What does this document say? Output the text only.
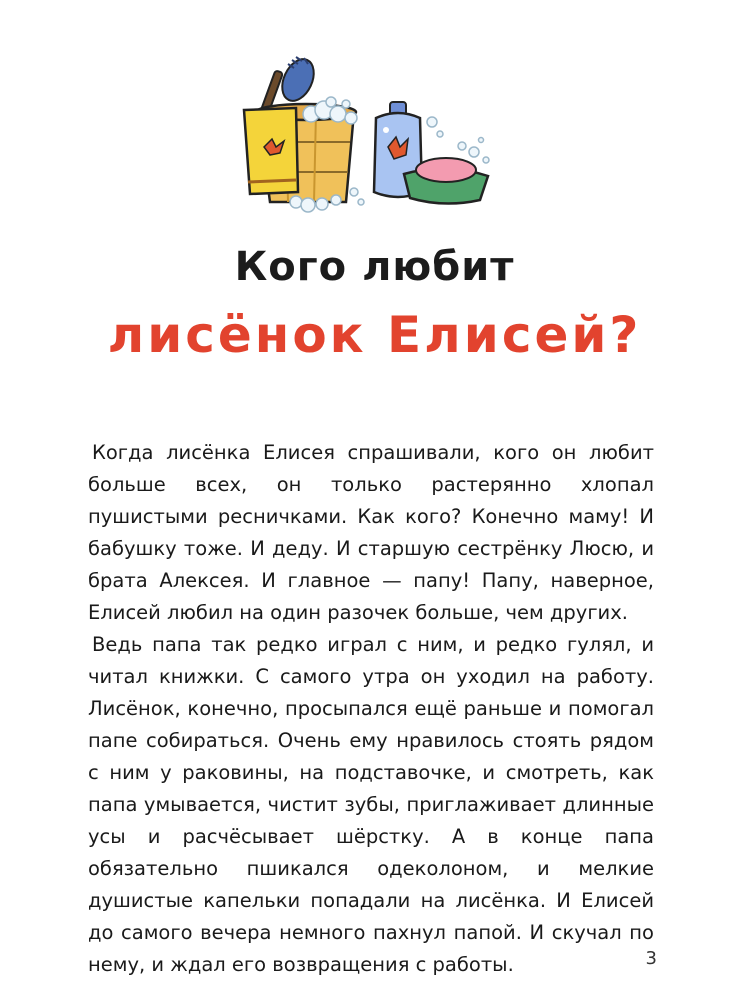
Кого любит
лисёнок Елисей?

Когда лисёнка Елисея спрашивали, кого он любит больше всех, он только растерянно хлопал пушистыми ресничками. Как кого? Конечно маму! И бабушку тоже. И деду. И старшую сестрёнку Люсю, и брата Алексея. И главное — папу! Папу, наверное, Елисей любил на один разочек больше, чем других.

Ведь папа так редко играл с ним, и редко гулял, и читал книжки. С самого утра он уходил на работу. Лисёнок, конечно, просыпался ещё раньше и помогал папе собираться. Очень ему нравилось стоять рядом с ним у раковины, на подставочке, и смотреть, как папа умывается, чистит зубы, приглаживает длинные усы и расчёсывает шёрстку. А в конце папа обязательно пшикался одеколоном, и мелкие душистые капельки попадали на лисёнка. И Елисей до самого вечера немного пахнул папой. И скучал по нему, и ждал его возвращения с работы.	3
